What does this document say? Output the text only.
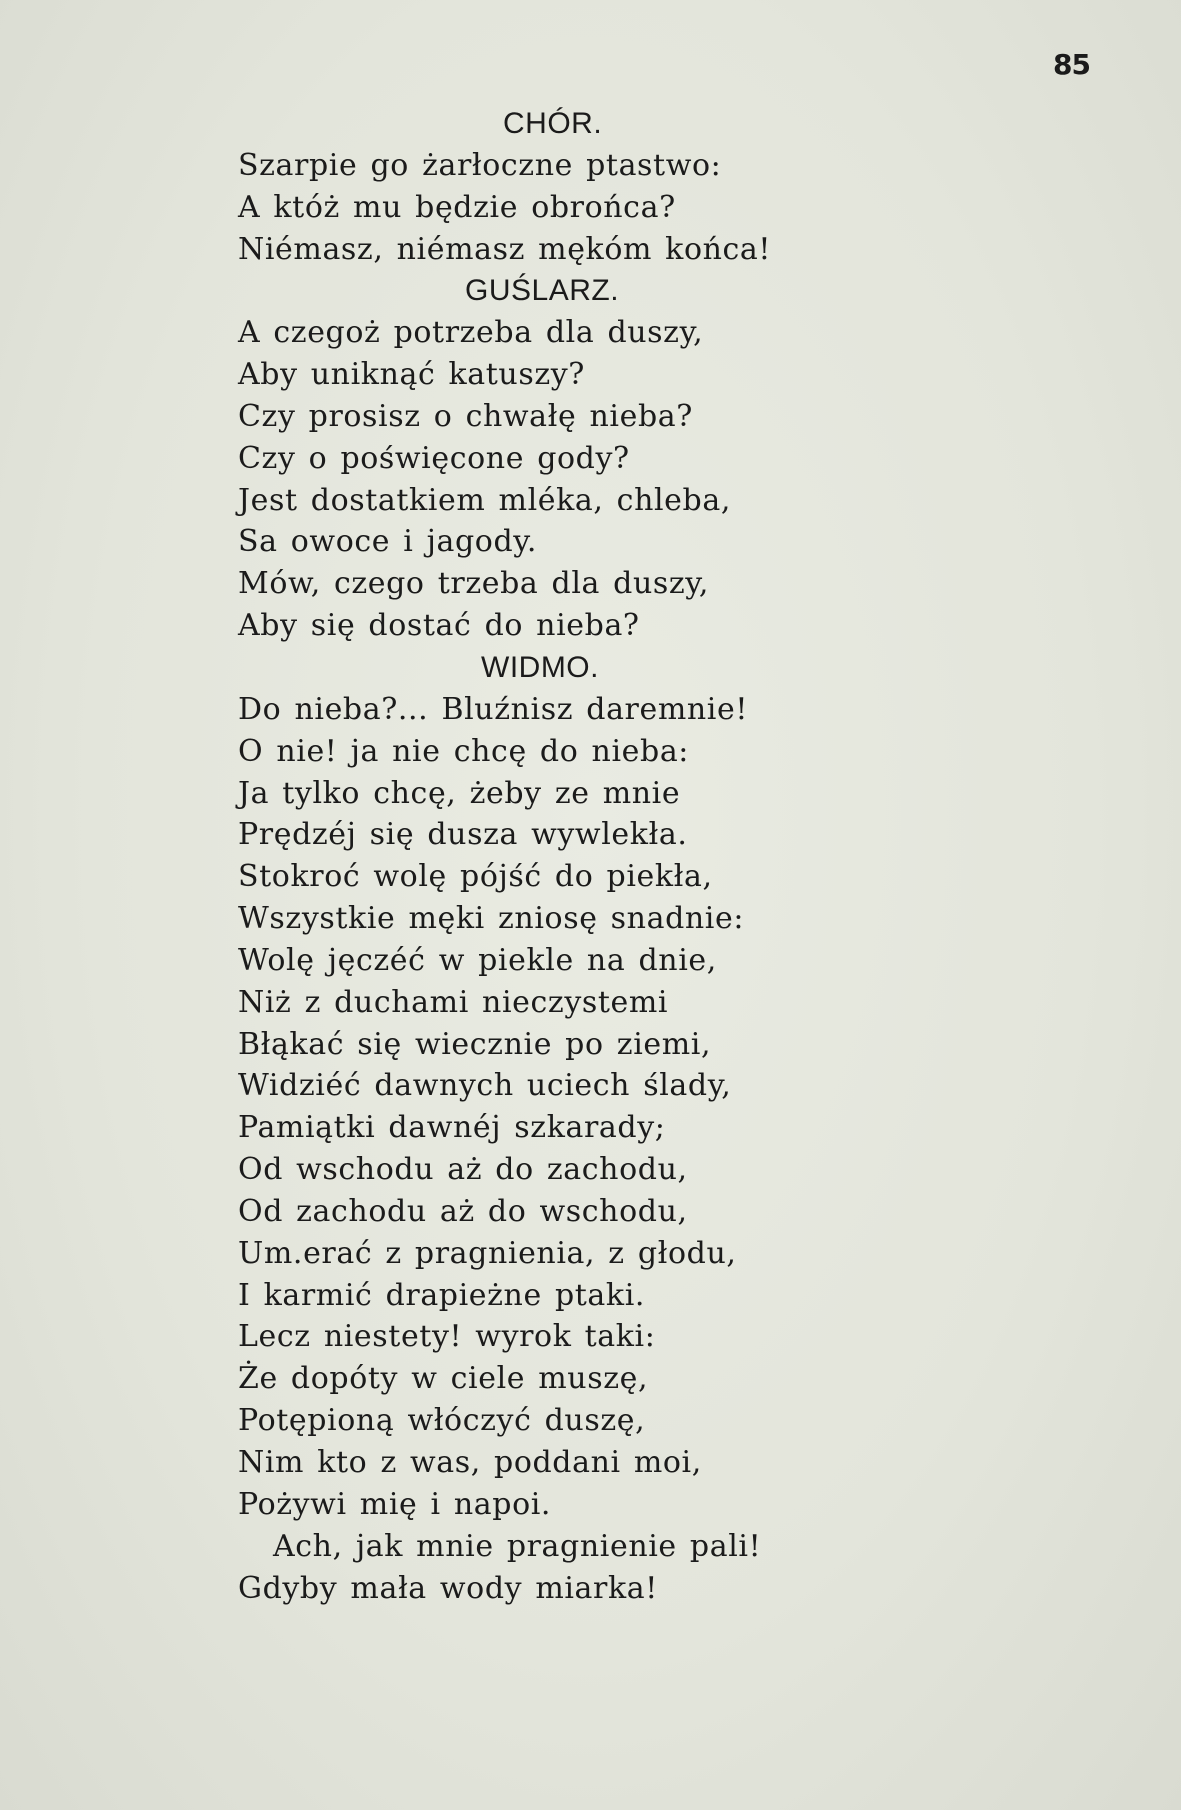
85
CHÓR.
Szarpie go żarłoczne ptastwo:
A któż mu będzie obrońca?
Niémasz, niémasz mękóm końca!
GUŚLARZ.
A czegoż potrzeba dla duszy,
Aby uniknąć katuszy?
Czy prosisz o chwałę nieba?
Czy o poświęcone gody?
Jest dostatkiem mléka, chleba,
Sa owoce i jagody.
Mów, czego trzeba dla duszy,
Aby się dostać do nieba?
WIDMO.
Do nieba?... Bluźnisz daremnie!
O nie! ja nie chcę do nieba:
Ja tylko chcę, żeby ze mnie
Prędzéj się dusza wywlekła.
Stokroć wolę pójść do piekła,
Wszystkie męki zniosę snadnie:
Wolę jęczéć w piekle na dnie,
Niż z duchami nieczystemi
Błąkać się wiecznie po ziemi,
Widziéć dawnych uciech ślady,
Pamiątki dawnéj szkarady;
Od wschodu aż do zachodu,
Od zachodu aż do wschodu,
Um.erać z pragnienia, z głodu,
I karmić drapieżne ptaki.
Lecz niestety! wyrok taki:
Że dopóty w ciele muszę,
Potępioną włóczyć duszę,
Nim kto z was, poddani moi,
Pożywi mię i napoi.
Ach, jak mnie pragnienie pali!
Gdyby mała wody miarka!
